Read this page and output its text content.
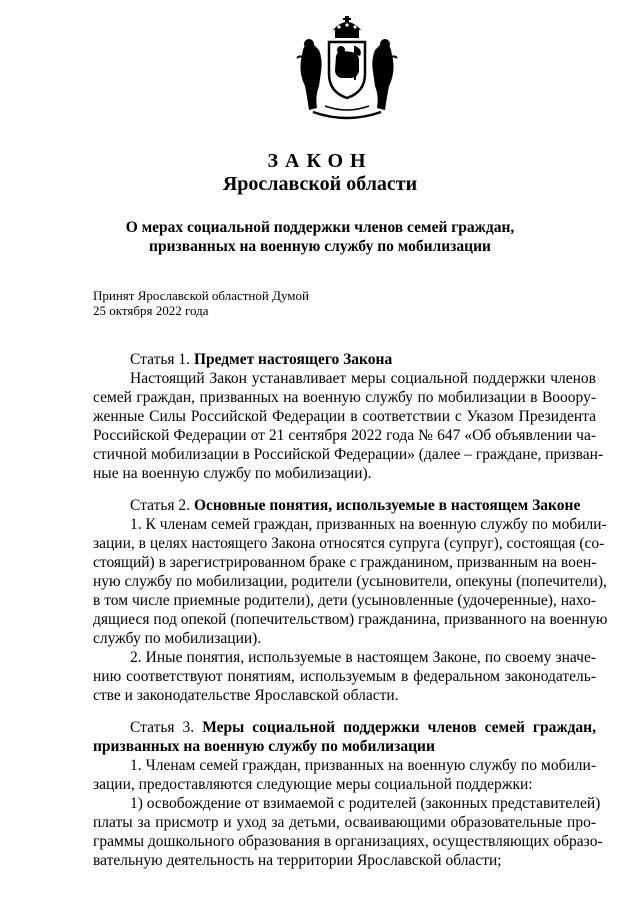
ЗАКОН
Ярославской области
О мерах социальной поддержки членов семей граждан,
призванных на военную службу по мобилизации
Принят Ярославской областной Думой
25 октября 2022 года
Статья 1. Предмет настоящего Закона
Настоящий Закон устанавливает меры социальной поддержки членов
семей граждан, призванных на военную службу по мобилизации в Вооору-
женные Силы Российской Федерации в соответствии с Указом Президента
Российской Федерации от 21 сентября 2022 года № 647 «Об объявлении ча-
стичной мобилизации в Российской Федерации» (далее – граждане, призван-
ные на военную службу по мобилизации).
Статья 2. Основные понятия, используемые в настоящем Законе
1. К членам семей граждан, призванных на военную службу по мобили-
зации, в целях настоящего Закона относятся супруга (супруг), состоящая (со-
стоящий) в зарегистрированном браке с гражданином, призванным на воен-
ную службу по мобилизации, родители (усыновители, опекуны (попечители),
в том числе приемные родители), дети (усыновленные (удочеренные), нахо-
дящиеся под опекой (попечительством) гражданина, призванного на военную
службу по мобилизации).
2. Иные понятия, используемые в настоящем Законе, по своему значе-
нию соответствуют понятиям, используемым в федеральном законодатель-
стве и законодательстве Ярославской области.
Статья 3. Меры социальной поддержки членов семей граждан,
призванных на военную службу по мобилизации
1. Членам семей граждан, призванных на военную службу по мобили-
зации, предоставляются следующие меры социальной поддержки:
1) освобождение от взимаемой с родителей (законных представителей)
платы за присмотр и уход за детьми, осваивающими образовательные про-
граммы дошкольного образования в организациях, осуществляющих образо-
вательную деятельность на территории Ярославской области;
